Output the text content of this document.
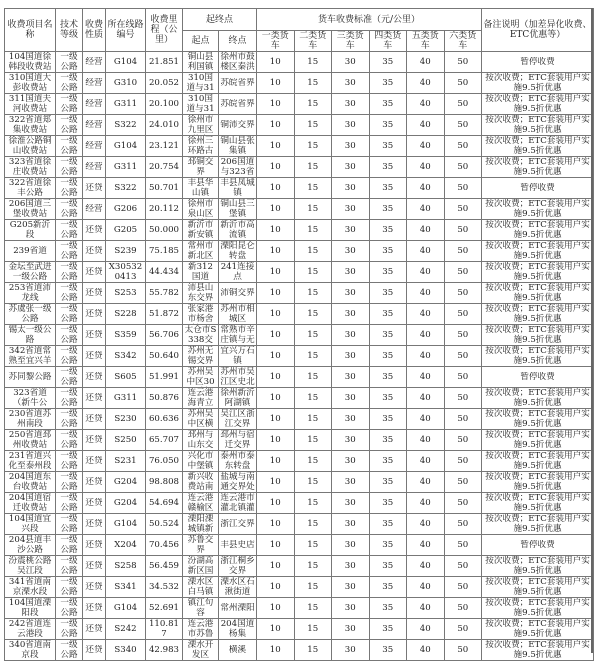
收费项目名称	技术等级	收费性质	所在线路编号	收费里程（公里）	起终点		货车收费标准（元/公里）						备注说明（加差异化收费、ETC优惠等）
					起点	终点	一类货车	二类货车	三类货车	四类货车	五类货车	六类货车	

104国道徐韩段收费站	一级公路	经营	G104	21.851	铜山县利国镇	徐州市鼓楼区秦洪	10	15	30	35	40	50	暂停收费

310国道大彭收费站	一级公路	经营	G310	20.052	310国道与31	苏皖省界	10	15	30	35	40	50	按次收费；ETC套装用户实施9.5折优惠

311国道夫河收费站	一级公路	经营	G311	20.100	310国道与31	苏皖省界	10	15	30	35	40	50	按次收费；ETC套装用户实施9.5折优惠

322省道郑集收费站	一级公路	经营	S322	24.010	徐州市九里区	铜沛交界	10	15	30	35	40	50	按次收费；ETC套装用户实施9.5折优惠

徐淮公路铜山收费站	一级公路	经营	G104	23.121	徐州三环路古	铜山县张集镇	10	15	30	35	40	50	按次收费；ETC套装用户实施9.5折优惠

323省道徐庄收费站	一级公路	经营	G311	20.754	邳铜交界	206国道与323省	10	15	30	35	40	50	按次收费；ETC套装用户实施9.5折优惠

322省道徐丰公路	一级公路	还贷	S322	50.701	丰县华山镇	丰县凤城镇	10	15	30	35	40	50	暂停收费

206国道三堡收费站	一级公路	经营	G206	20.112	徐州市泉山区	铜山县三堡镇	10	15	30	35	40	50	按次收费；ETC套装用户实施9.5折优惠

G205新沂段	一级公路	还贷	G205	50.000	新沂市新安镇	新沂市高流镇	10	15	30	35	40	50	按次收费；ETC套装用户实施9.5折优惠

239省道	一级公路	还贷	S239	75.185	常州市新北区	溧阳昆仑转盘	10	15	30	35	40	50	按次收费；ETC套装用户实施9.5折优惠

金坛至武进一级公路	一级公路	还贷	X305320413	44.434	新312国道	241连接点	10	15	30	35	40	50	按次收费；ETC套装用户实施9.5折优惠

253省道沛龙线	一级公路	还贷	S253	55.782	沛县山东交界	沛铜交界	10	15	30	35	40	50	按次收费；ETC套装用户实施9.5折优惠

苏虞张一级公路	一级公路	还贷	S228	51.872	张家港市杨舍	苏州市相城区	10	15	30	35	40	50	按次收费；ETC套装用户实施9.5折优惠

锡太一级公路	一级公路	还贷	S359	56.706	太仓市S338交	常熟市辛庄镇与无	10	15	30	35	40	50	按次收费；ETC套装用户实施9.5折优惠

342省道常熟至宜兴羊	一级公路	还贷	S342	50.640	苏州无锡交界	宜兴万石镇	10	15	30	35	40	50	按次收费；ETC套装用户实施9.5折优惠

苏同黎公路	一级公路	还贷	S605	51.991	苏州吴中区30	苏州市吴江区史北	10	15	30	35	40	50	暂停收费

323省道（新牛公	一级公路	还贷	G311	50.876	连云港海青立	徐州新沂阿湖镇	10	15	30	35	40	50	按次收费；ETC套装用户实施9.5折优惠

230省道苏州南段	一级公路	还贷	S230	60.636	苏州吴中区横	吴江区浙江交界	10	15	30	35	40	50	按次收费；ETC套装用户实施9.5折优惠

250省道邳州收费站	一级公路	还贷	S250	65.707	邳州与山东交	邳州与宿迁交界	10	15	30	35	40	50	按次收费；ETC套装用户实施9.5折优惠

231省道兴化至泰州段	一级公路	还贷	S231	76.050	兴化市中堡镇	泰州市泰东转盘	10	15	30	35	40	50	按次收费；ETC套装用户实施9.5折优惠

204国道东台收费站	一级公路	还贷	G204	98.808	新兴收费站南	盐城与南通交界处	10	15	30	35	40	50	按次收费；ETC套装用户实施9.5折优惠

204国道宿迁收费站	一级公路	还贷	G204	54.694	连云港赣榆区	连云港市灌北镇灌	10	15	30	35	40	50	按次收费；ETC套装用户实施9.5折优惠

104国道宜兴段	一级公路	还贷	G104	50.524	溧阳溧城镇新	浙江交界	10	15	30	35	40	50	按次收费；ETC套装用户实施9.5折优惠

204县道丰沙公路	一级公路	还贷	X204	70.456	苏鲁交界	丰县史店	10	15	30	35	40	50	暂停收费

汾震桃公路吴江段	一级公路	还贷	S258	56.459	汾湖高新区国	浙江桐乡交界	10	15	30	35	40	50	按次收费；ETC套装用户实施9.5折优惠

341省道南京溧水段	一级公路	还贷	S341	34.532	溧水区白马镇	溧水区石湫街道	10	15	30	35	40	50	按次收费；ETC套装用户实施9.5折优惠

104国道溧阳段	一级公路	还贷	G104	52.691	镇江句容	常州溧阳	10	15	30	35	40	50	按次收费；ETC套装用户实施9.5折优惠

242省道连云港段	一级公路	还贷	S242	110.817	连云港市苏鲁	204国道杨集	10	15	30	35	40	50	按次收费；ETC套装用户实施9.5折优惠

340省道南京段	一级公路	还贷	S340	42.983	溧水开发区	横溪	10	15	30	35	40	50	按次收费；ETC套装用户实施9.5折优惠
